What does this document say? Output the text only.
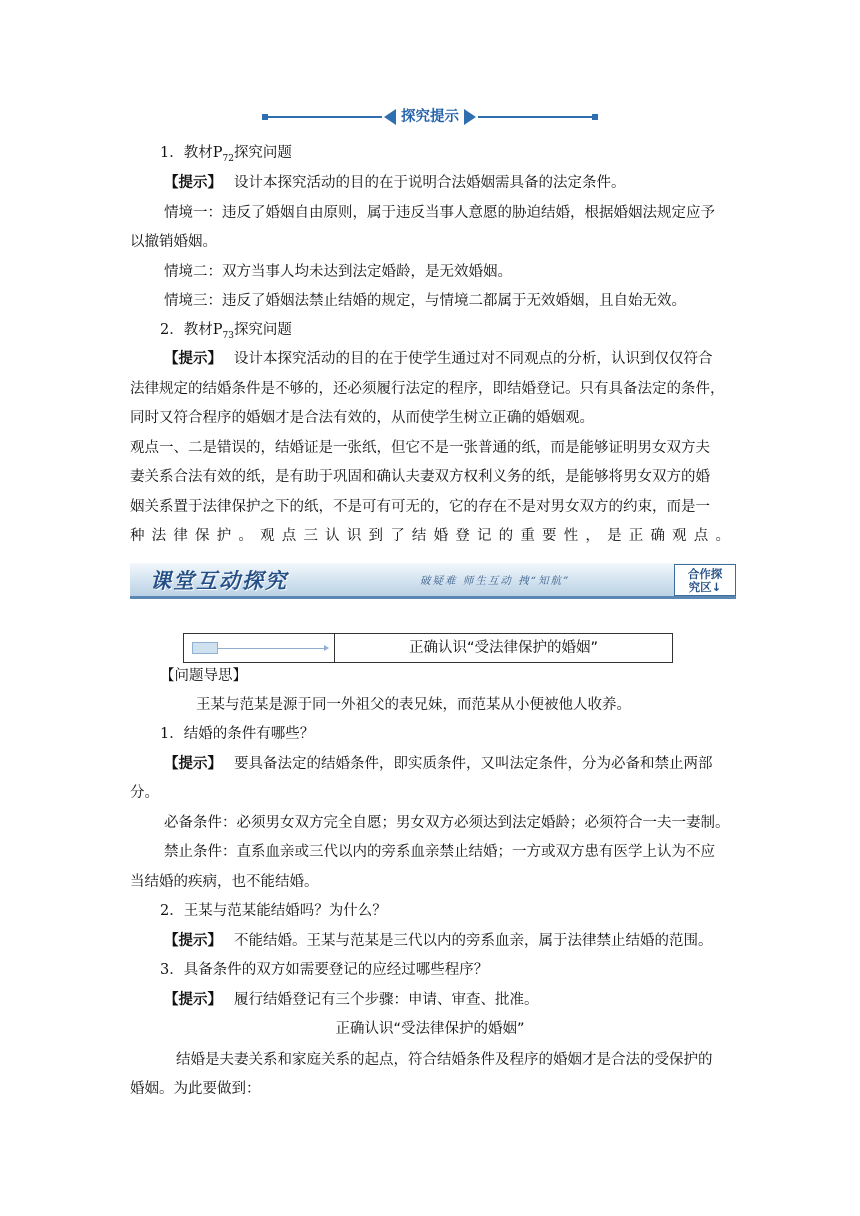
探究提示
1．教材$P_{72}$探究问题
【提示】 设计本探究活动的目的在于说明合法婚姻需具备的法定条件。
情境一：违反了婚姻自由原则，属于违反当事人意愿的胁迫结婚，根据婚姻法规定应予
以撤销婚姻。
情境二：双方当事人均未达到法定婚龄，是无效婚姻。
情境三：违反了婚姻法禁止结婚的规定，与情境二都属于无效婚姻，且自始无效。
2．教材$P_{73}$探究问题
【提示】 设计本探究活动的目的在于使学生通过对不同观点的分析，认识到仅仅符合
法律规定的结婚条件是不够的，还必须履行法定的程序，即结婚登记。只有具备法定的条件，
同时又符合程序的婚姻才是合法有效的，从而使学生树立正确的婚姻观。
观点一、二是错误的，结婚证是一张纸，但它不是一张普通的纸，而是能够证明男女双方夫
妻关系合法有效的纸，是有助于巩固和确认夫妻双方权利义务的纸，是能够将男女双方的婚
姻关系置于法律保护之下的纸，不是可有可无的，它的存在不是对男女双方的约束，而是一
种法律保护。观点三认识到了结婚登记的重要性，是正确观点。
课堂互动探究	破疑难 师生互动 拽“知航”	合作探
究区↓
正确认识“受法律保护的婚姻”
【问题导思】
王某与范某是源于同一外祖父的表兄妹，而范某从小便被他人收养。
1．结婚的条件有哪些？
【提示】 要具备法定的结婚条件，即实质条件，又叫法定条件，分为必备和禁止两部
分。
必备条件：必须男女双方完全自愿；男女双方必须达到法定婚龄；必须符合一夫一妻制。
禁止条件：直系血亲或三代以内的旁系血亲禁止结婚；一方或双方患有医学上认为不应
当结婚的疾病，也不能结婚。
2．王某与范某能结婚吗？为什么？
【提示】 不能结婚。王某与范某是三代以内的旁系血亲，属于法律禁止结婚的范围。
3．具备条件的双方如需要登记的应经过哪些程序？
【提示】 履行结婚登记有三个步骤：申请、审查、批准。
正确认识“受法律保护的婚姻”
结婚是夫妻关系和家庭关系的起点，符合结婚条件及程序的婚姻才是合法的受保护的
婚姻。为此要做到：
